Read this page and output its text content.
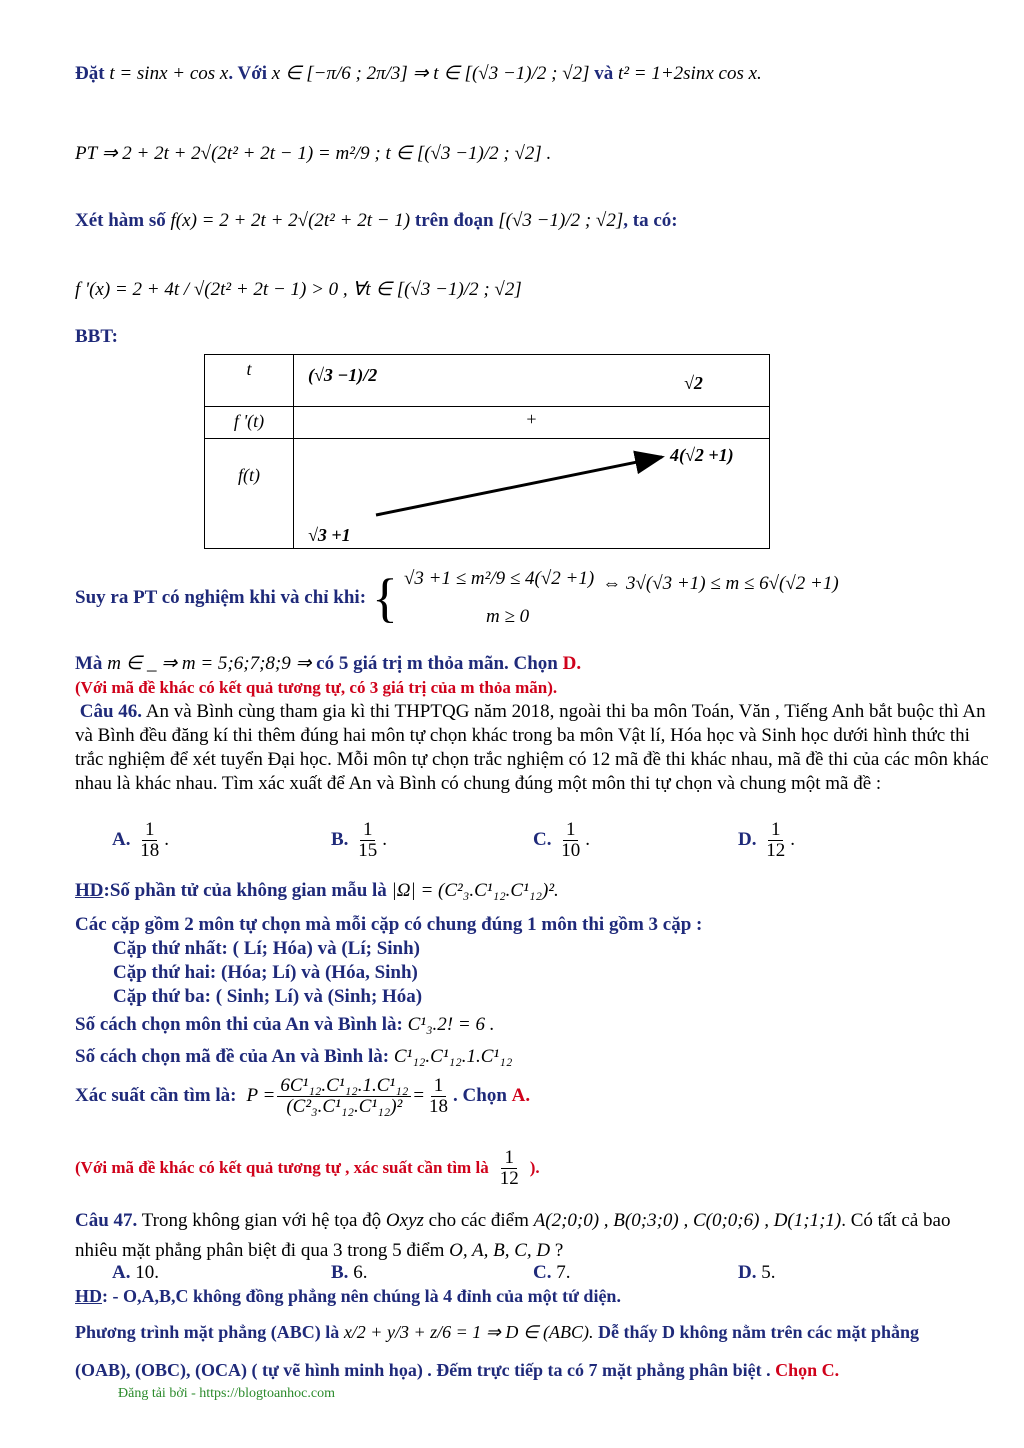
Đặt t = sinx + cos x. Với x ∈ [−π/6 ; 2π/3] ⇒ t ∈ [(√3 −1)/2 ; √2] và t² = 1+2sinx cos x.
PT ⇒ 2 + 2t + 2√(2t² + 2t − 1) = m²/9 ; t ∈ [(√3 −1)/2 ; √2] .
Xét hàm số f(x) = 2 + 2t + 2√(2t² + 2t − 1) trên đoạn [(√3 −1)/2 ; √2], ta có:
f '(x) = 2 + 4t / √(2t² + 2t − 1) > 0 , ∀t ∈ [(√3 −1)/2 ; √2]
BBT:
t	(√3 −1)/2 √2

f '(t)	+
f(t)	4(√2 +1)
√3 +1
Suy ra PT có nghiệm khi và chỉ khi: { √3 +1 ≤ m²/9 ≤ 4(√2 +1)
m ≥ 0
⇔ 3√(√3 +1) ≤ m ≤ 6√(√2 +1)
Mà m ∈ _ ⇒ m = 5;6;7;8;9 ⇒ có 5 giá trị m thỏa mãn. Chọn D.
(Với mã đề khác có kết quả tương tự, có 3 giá trị của m thỏa mãn).
Câu 46. An và Bình cùng tham gia kì thi THPTQG năm 2018, ngoài thi ba môn Toán, Văn , Tiếng Anh bắt buộc thì An và Bình đều đăng kí thi thêm đúng hai môn tự chọn khác trong ba môn Vật lí, Hóa học và Sinh học dưới hình thức thi trắc nghiệm để xét tuyển Đại học. Mỗi môn tự chọn trắc nghiệm có 12 mã đề thi khác nhau, mã đề thi của các môn khác nhau là khác nhau. Tìm xác xuất để An và Bình có chung đúng một môn thi tự chọn và chung một mã đề :
A. $\frac{1}{18}$ .	B. $\frac{1}{15}$ .	C. $\frac{1}{10}$ .	D. $\frac{1}{12}$ .
HD:Số phần tử của không gian mẫu là |Ω| = (C²₃.C¹₁₂.C¹₁₂)².
Các cặp gồm 2 môn tự chọn mà mỗi cặp có chung đúng 1 môn thi gồm 3 cặp :
Cặp thứ nhất: ( Lí; Hóa) và (Lí; Sinh)
Cặp thứ hai: (Hóa; Lí) và (Hóa, Sinh)
Cặp thứ ba: ( Sinh; Lí) và (Sinh; Hóa)
Số cách chọn môn thi của An và Bình là: C¹₃.2! = 6 .
Số cách chọn mã đề của An và Bình là: C¹₁₂.C¹₁₂.1.C¹₁₂
Xác suất cần tìm là: $P = \frac{\text{6C¹₁₂.C¹₁₂.1.C¹₁₂}}{\text{(C²₃.C¹₁₂.C¹₁₂)²}} = \frac{1}{18}$ . Chọn
A.
(Với mã đề khác có kết quả tương tự , xác suất cần tìm là $\frac{1}{12}$ ).
Câu 47. Trong không gian với hệ tọa độ Oxyz cho các điểm A(2;0;0) , B(0;3;0) , C(0;0;6) , D(1;1;1). Có tất cả bao nhiêu mặt phẳng phân biệt đi qua 3 trong 5 điểm O, A, B, C, D ?
A. 10.	B. 6.	C. 7.	D. 5.
HD: - O,A,B,C không đồng phẳng nên chúng là 4 đỉnh của một tứ diện.
Phương trình mặt phẳng (ABC) là x/2 + y/3 + z/6 = 1 ⇒ D ∈ (ABC). Dễ thấy D không nằm trên các mặt phẳng
(OAB), (OBC), (OCA) ( tự vẽ hình minh họa) . Đếm trực tiếp ta có 7 mặt phẳng phân biệt . Chọn C.
Đăng tải bởi - https://blogtoanhoc.com
